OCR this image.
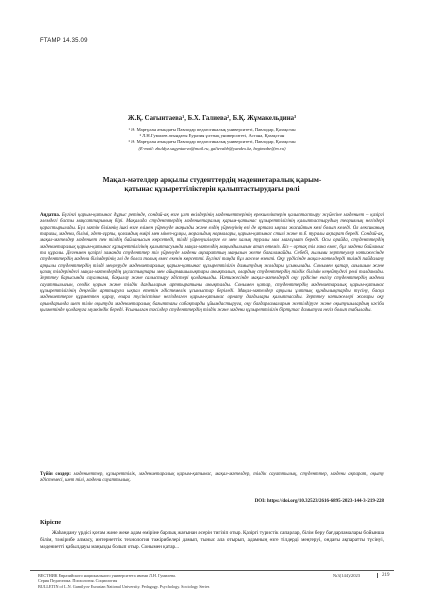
FTAMP 14.35.09
Ж.Қ. Сағынтаева¹, Б.Х. Галиева², Б.Қ. Жұмакельдина³
¹ Ә. Марғұлан атындағы Павлодар педагогикалық университеті, Павлодар, Қазақстан
² Л.Н.Гумилев атындағы Еуразия ұлттық университеті, Астана, Қазақстан
³ Ә. Марғұлан атындағы Павлодар педагогикалық университеті, Павлодар, Қазақстан
(E-mail: zhuldyz.sagyntaeva@mail.ru, galievabb@yandex.kz, begimabe@m.ru)
Мақал-мәтелдер арқылы студенттердің мәдениетаралық қарым-
қатынас құзыреттіліктерін қалыптастырудағы рөлі
Аңдатпа. Бүгінгі қарым-қатынас дұрыс ретінде, сондай-ақ өзге ұлт өкілдерінің мәдениеттерінің ерекшеліктерін қалыптастыру жүйесіне мәдениет – қазіргі әлемдегі басты мақсаттарының бірі. Мақалада студенттердің мәдениетаралық қарым-қатынас құзыреттілігінің қалыптастырудың теориялық негіздері қарастырылады. Бүл мәтін білімнің ішкі өзге елімен үйренуде маңызды және елдің үйренуінің өзі де ортаға ықпал жасайтын көзі болып келеді. Ол лексиканың тарихы, мәдени, білімі, әдет-ғұрпы, қоғамдық өмірі мен мінез-құлқы, моральдық нормалары, қарым-қатынас стилі және т.б. туралы ақпарат береді. Сондай-ақ, мақал-мәтелдер мәдениет пен тілдің байланысын көрсетеді, тілді үйренушілерге ел мен халық туралы мол мағлұмат береді. Осы орайда, студенттердің мәдениетаралық қарым-қатынас құзыреттілігінің қалыптасуында мақал-мәтелдің маңыздылығын атап өтеміз. Біз – ортақ тіл ғана емес, бұл мәдени байланыс та құралы. Дегенмен қазіргі заманда студенттер тіл үйренуде мәдени ақпараттың маңызын жете бағаламайды. Себебі, ғылыми зерттеулер нәтижесінде студенттердің мәдени білімдерінің әлі де болса толық емес екенін көрсетті. Бүгінгі таңда бұл мәселе өзекті. Оқу үрдісінде мақал-мәтелдерді тиімді пайдалану арқылы студенттердің тілді меңгеруде мәдениетаралық қарым-қатынас құзыреттілігін дамытудың жолдары ұсынылады. Сонымен қатар, ағылшын және қазақ тілдеріндегі мақал-мәтелдердің ұқсастықтары мен айырмашылықтары анықталып, олардың студенттердің тілдік білімін кеңейтудегі рөлі талданады. Зерттеу барысында сауалнама, бақылау және салыстыру әдістері қолданылды. Нәтижесінде мақал-мәтелдерді оқу үрдісіне енгізу студенттердің мәдени сауаттылығын, сөздік қорын және тілдік дағдыларын арттыратыны анықталды. Сонымен қатар, студенттердің мәдениетаралық қарым-қатынас құзыреттілігінің деңгейін арттыруға ықпал ететін әдістемелік ұсыныстар беріледі. Мақал-мәтелдер арқылы ұлттық құндылықтарды түсіну, басқа мәдениеттерге құрметпен қарау, өзара түсіністікке негізделген қарым-қатынас орнату дағдылары қалыптасады. Зерттеу нәтижелері жоғары оқу орындарында шет тілін оқытуда мәдениетаралық бағыттағы сабақтарды ұйымдастыруға, оқу бағдарламаларын жетілдіруге және оқытушылардың кәсіби қызметінде қолдануға мүмкіндік береді. Ұсынылған тәсілдер студенттердің тілдік және мәдени құзыреттілігін біртұтас дамытуға негіз болып табылады.
Түйін сөздер: мәдениеттер, құзыреттілік, мәдениетаралық қарым-қатынас, мақал-мәтелдер, тілдік сауаттылық, студенттер, мәдени ақпарат, оқыту әдістемесі, шет тілі, мәдени сауаттылық.
DOI: https://doi.org/10.32523/2616-6895-2023-144-3-219-228
Кіріспе
Жаһандану үрдісі қоғам және жеке адам өміріне барлық жағынан әсерін тигізіп отыр. Қазіргі туристік сапарлар, білім беру бағдарламалары бойынша білім, тәжірибе алмасу, интернеттік технология тәжірибелері дамып, тыныс ала отырып, адамның өзге тілдерді меңгеруі, ондағы ақпаратты түсінуі, мәдениетті қабылдауы маңызды болып отыр. Сонымен қатар...
ВЕСТНИК Евразийского национального университета имени Л.Н. Гумилева.
Серия Педагогика. Психология. Социология
BULLETIN of L.N. Gumilyov Eurasian National University. Pedagogy. Psychology. Sociology Series
№3(144)/2023	219
